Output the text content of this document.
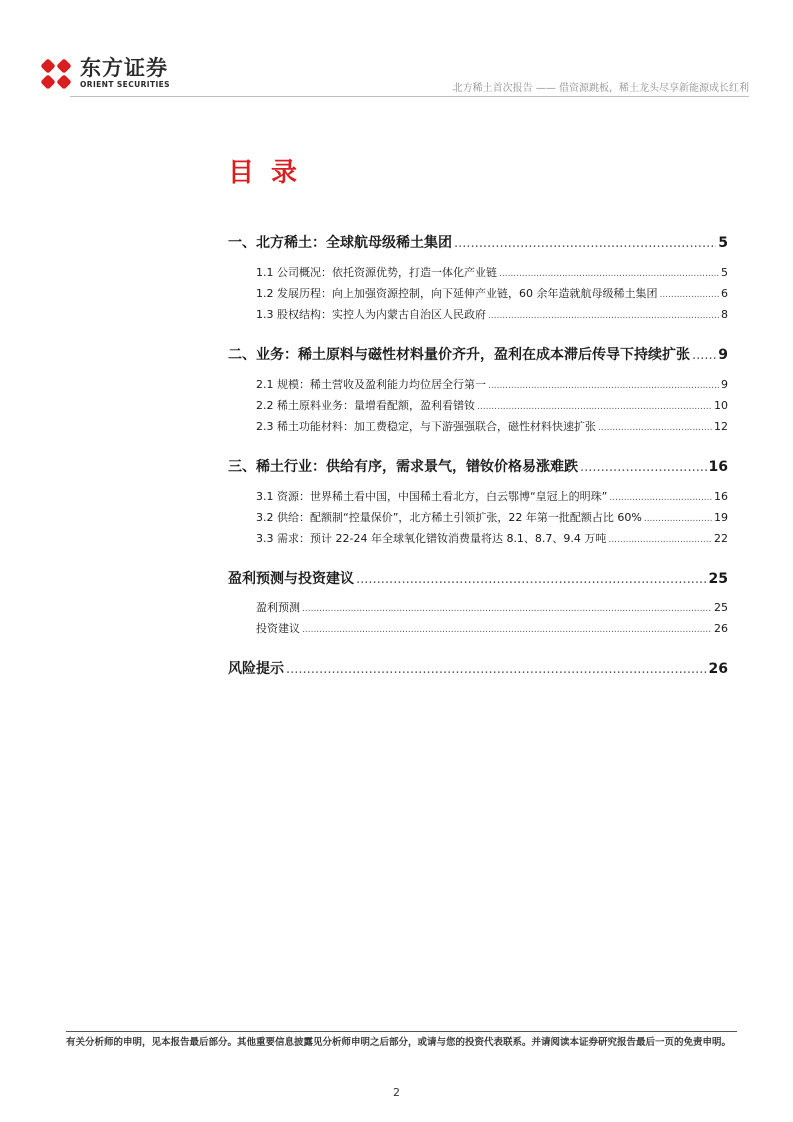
东方证券
ORIENT SECURITIES	北方稀土首次报告 —— 借资源跳板，稀土龙头尽享新能源成长红利
目 录
一、北方稀土：全球航母级稀土集团 .....	5
1.1 公司概况：依托资源优势，打造一体化产业链 .....	5
1.2 发展历程：向上加强资源控制，向下延伸产业链，60 余年造就航母级稀土集团 .....	6
1.3 股权结构：实控人为内蒙古自治区人民政府 .....	8
二、业务：稀土原料与磁性材料量价齐升，盈利在成本滞后传导下持续扩张 ..... 9
2.1 规模：稀土营收及盈利能力均位居全行第一 .....	9
2.2 稀土原料业务：量增看配额，盈利看镨钕 .....	10
2.3 稀土功能材料：加工费稳定，与下游强强联合，磁性材料快速扩张 .....	12
三、稀土行业：供给有序，需求景气，镨钕价格易涨难跌 .....	16
3.1 资源：世界稀土看中国，中国稀土看北方，白云鄂博“皇冠上的明珠” .....	16
3.2 供给：配额制“控量保价”，北方稀土引领扩张，22 年第一批配额占比 60% .....	19
3.3 需求：预计 22-24 年全球氧化镨钕消费量将达 8.1、8.7、9.4 万吨 .....	22
盈利预测与投资建议 .....	25
盈利预测 .....	25
投资建议 .....	26
风险提示 .....	26
有关分析师的申明，见本报告最后部分。其他重要信息披露见分析师申明之后部分，或请与您的投资代表联系。并请阅读本证券研究报告最后一页的免责申明。
2
